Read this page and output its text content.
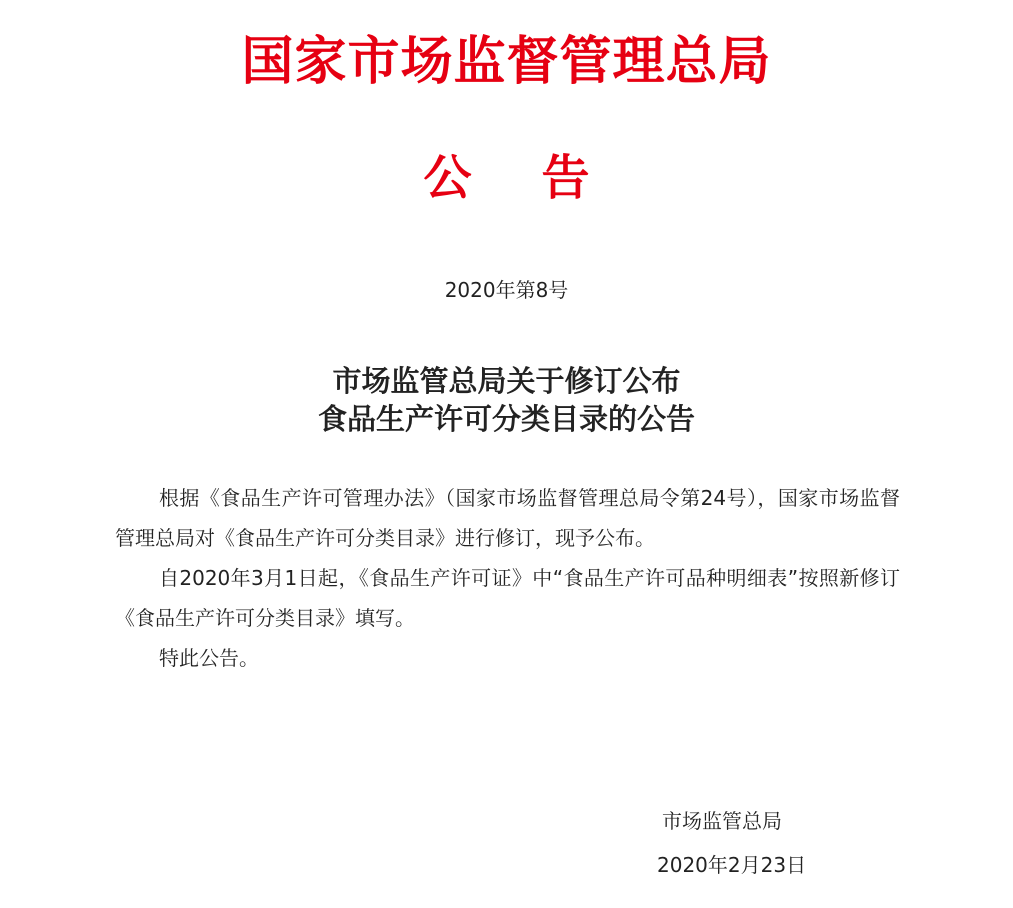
国家市场监督管理总局
公告
2020年第8号
市场监管总局关于修订公布
食品生产许可分类目录的公告

根据《食品生产许可管理办法》（国家市场监督管理总局令第24号），国家市场监督管理总局对《食品生产许可分类目录》进行修订，现予公布。

自2020年3月1日起，《食品生产许可证》中“食品生产许可品种明细表”按照新修订《食品生产许可分类目录》填写。

特此公告。

市场监管总局
2020年2月23日
